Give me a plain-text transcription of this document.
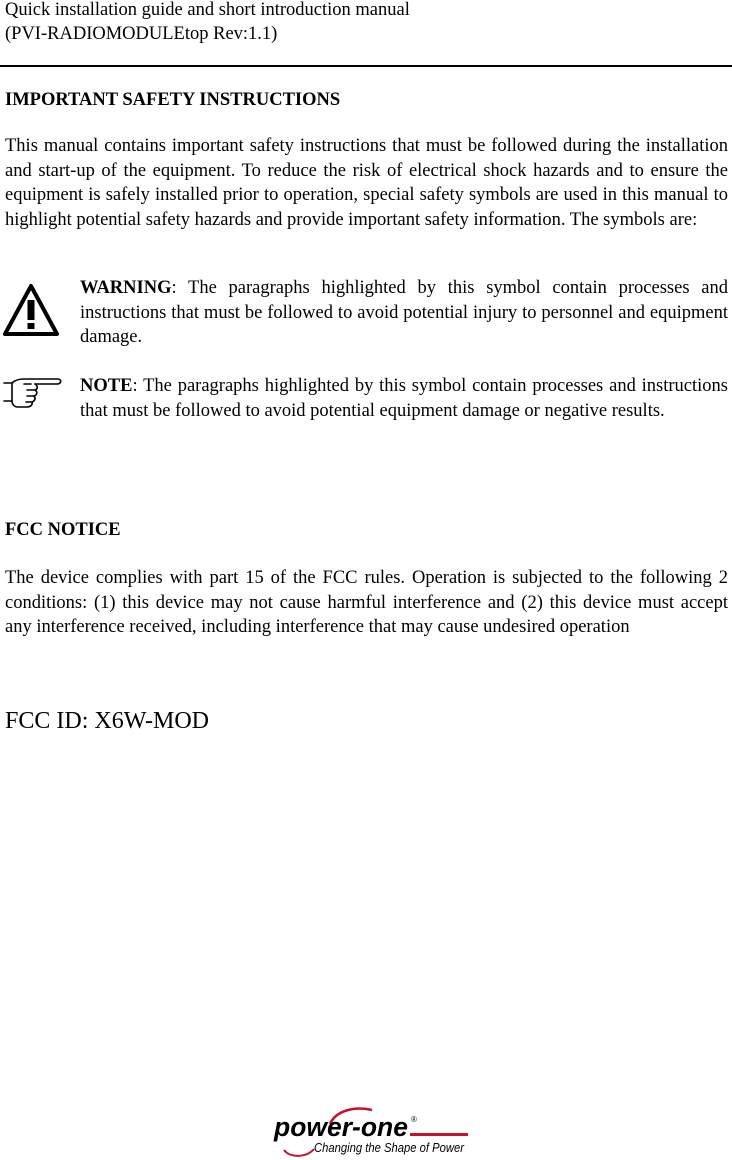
Quick installation guide and short introduction manual
(PVI-RADIOMODULEtop Rev:1.1)
IMPORTANT SAFETY INSTRUCTIONS
This manual contains important safety instructions that must be followed during the installation and start-up of the equipment. To reduce the risk of electrical shock hazards and to ensure the equipment is safely installed prior to operation, special safety symbols are used in this manual to highlight potential safety hazards and provide important safety information. The symbols are:
WARNING: The paragraphs highlighted by this symbol contain processes and instructions that must be followed to avoid potential injury to personnel and equipment damage.
NOTE: The paragraphs highlighted by this symbol contain processes and instructions that must be followed to avoid potential equipment damage or negative results.
FCC NOTICE
The device complies with part 15 of the FCC rules. Operation is subjected to the following 2 conditions: (1) this device may not cause harmful interference and (2) this device must accept any interference received, including interference that may cause undesired operation
FCC ID: X6W-MOD
power-one ®
Changing the Shape of Power
